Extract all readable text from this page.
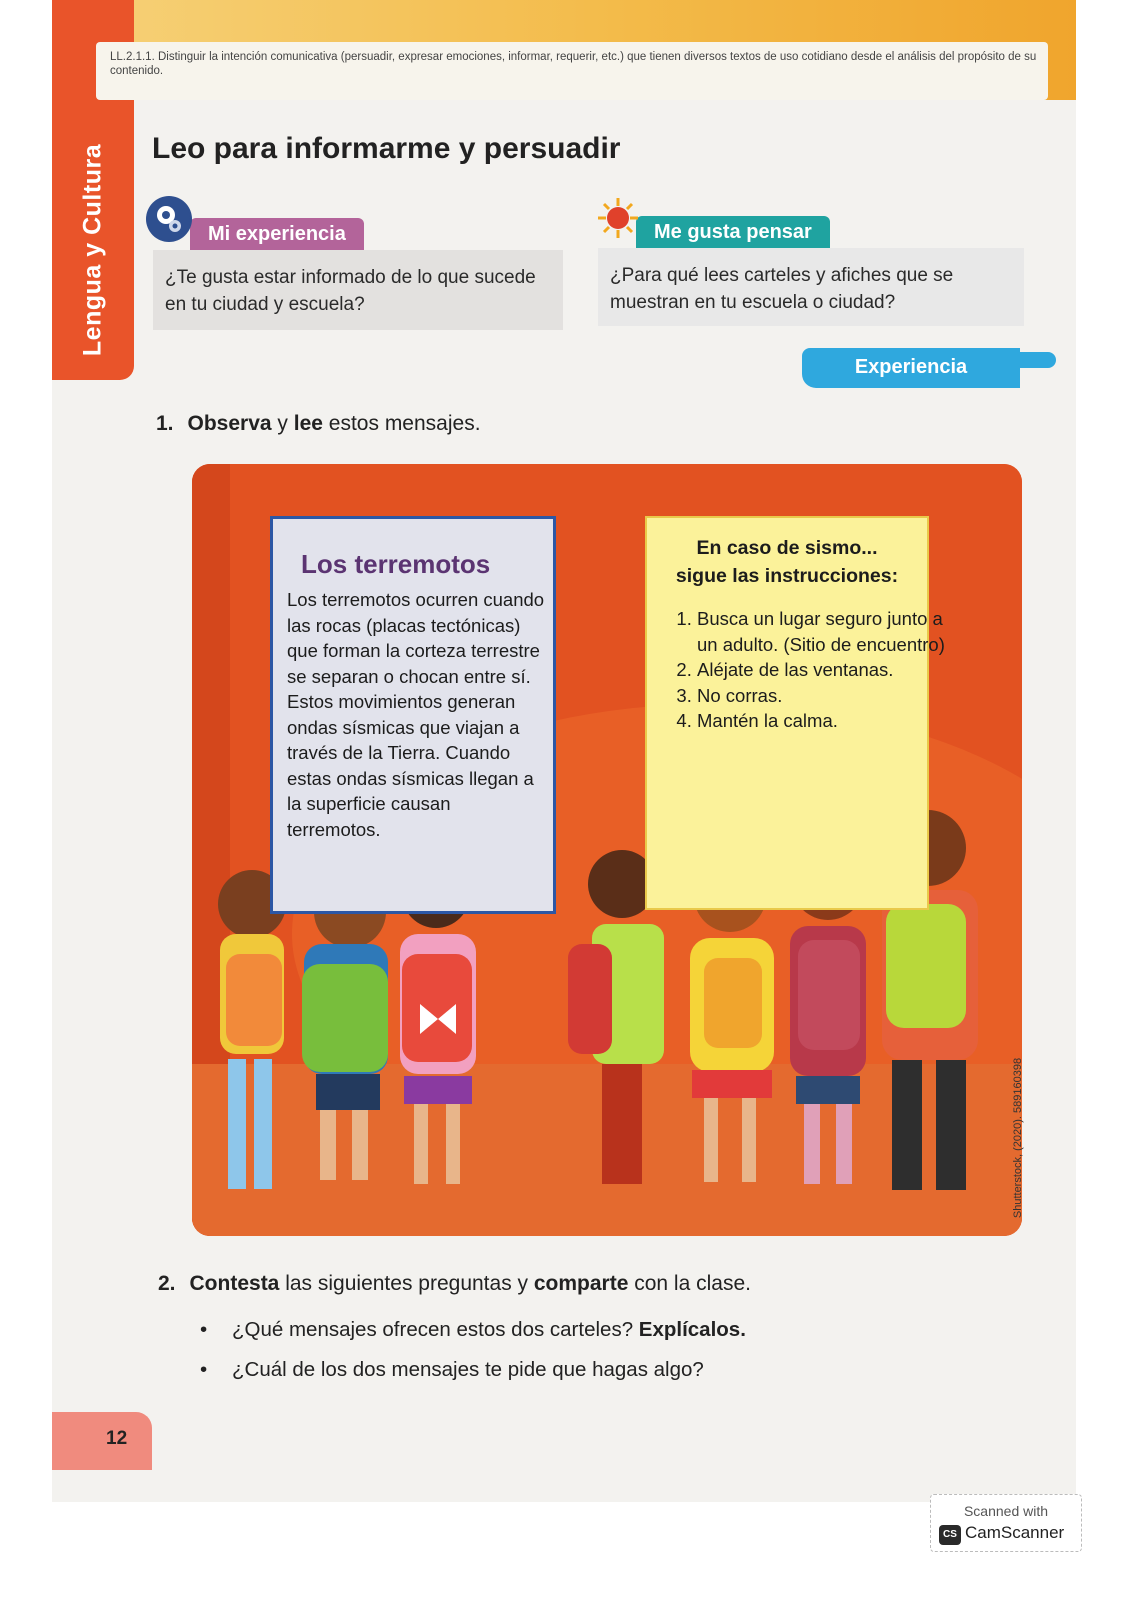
Lengua y Cultura
LL.2.1.1. Distinguir la intención comunicativa (persuadir, expresar emociones, informar, requerir, etc.) que tienen diversos textos de uso cotidiano desde el análisis del propósito de su contenido.
Leo para informarme y persuadir
¿Te gusta estar informado de lo que sucede en tu ciudad y escuela?
Mi experiencia
¿Para qué lees carteles y afiches que se muestran en tu escuela o ciudad?
Me gusta pensar
Experiencia
1. Observa y lee estos mensajes.
Los terremotos
Los terremotos ocurren cuando las rocas (placas tectónicas) que forman la corteza terrestre se separan o chocan entre sí. Estos movimientos generan ondas sísmicas que viajan a través de la Tierra. Cuando estas ondas sísmicas llegan a la superficie causan terremotos.
En caso de sismo...
sigue las instrucciones:
1. Busca un lugar seguro junto a un adulto. (Sitio de encuentro)
2. Aléjate de las ventanas.
3. No corras.
4. Mantén la calma.
Shutterstock, (2020). 589160398
2. Contesta las siguientes preguntas y comparte con la clase.
• ¿Qué mensajes ofrecen estos dos carteles? Explícalos.
• ¿Cuál de los dos mensajes te pide que hagas algo?
12
Scanned with
CS CamScanner
